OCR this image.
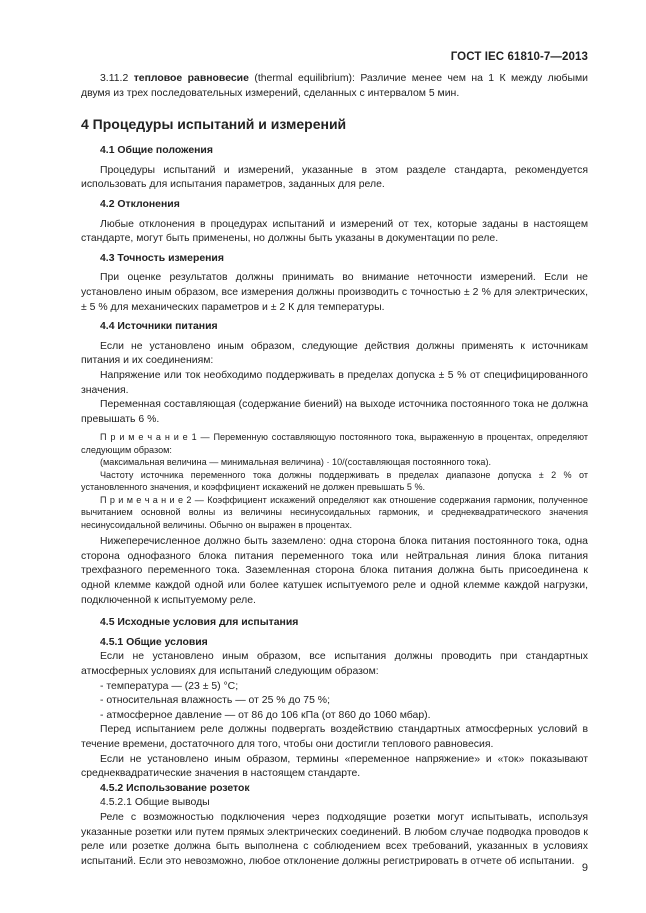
ГОСТ IEC 61810-7—2013

3.11.2 тепловое равновесие (thermal equilibrium): Различие менее чем на 1 К между любыми двумя из трех последовательных измерений, сделанных с интервалом 5 мин.

4 Процедуры испытаний и измерений
4.1 Общие положения

Процедуры испытаний и измерений, указанные в этом разделе стандарта, рекомендуется использовать для испытания параметров, заданных для реле.

4.2 Отклонения

Любые отклонения в процедурах испытаний и измерений от тех, которые заданы в настоящем стандарте, могут быть применены, но должны быть указаны в документации по реле.

4.3 Точность измерения

При оценке результатов должны принимать во внимание неточности измерений. Если не установлено иным образом, все измерения должны производить с точностью ± 2 % для электрических, ± 5 % для механических параметров и ± 2 К для температуры.

4.4 Источники питания

Если не установлено иным образом, следующие действия должны применять к источникам питания и их соединениям:

Напряжение или ток необходимо поддерживать в пределах допуска ± 5 % от специфицированного значения.

Переменная составляющая (содержание биений) на выходе источника постоянного тока не должна превышать 6 %.

П р и м е ч а н и е 1 — Переменную составляющую постоянного тока, выраженную в процентах, определяют следующим образом:

(максимальная величина — минимальная величина) · 10/(составляющая постоянного тока).

Частоту источника переменного тока должны поддерживать в пределах диапазоне допуска ± 2 % от установленного значения, и коэффициент искажений не должен превышать 5 %.

П р и м е ч а н и е 2 — Коэффициент искажений определяют как отношение содержания гармоник, полученное вычитанием основной волны из величины несинусоидальных гармоник, и среднеквадратического значения несинусоидальной величины. Обычно он выражен в процентах.

Нижеперечисленное должно быть заземлено: одна сторона блока питания постоянного тока, одна сторона однофазного блока питания переменного тока или нейтральная линия блока питания трехфазного переменного тока. Заземленная сторона блока питания должна быть присоединена к одной клемме каждой одной или более катушек испытуемого реле и одной клемме каждой нагрузки, подключенной к испытуемому реле.

4.5 Исходные условия для испытания
4.5.1 Общие условия

Если не установлено иным образом, все испытания должны проводить при стандартных атмосферных условиях для испытаний следующим образом:

- температура — (23 ± 5) °С;

- относительная влажность — от 25 % до 75 %;

- атмосферное давление — от 86 до 106 кПа (от 860 до 1060 мбар).

Перед испытанием реле должны подвергать воздействию стандартных атмосферных условий в течение времени, достаточного для того, чтобы они достигли теплового равновесия.

Если не установлено иным образом, термины «переменное напряжение» и «ток» показывают среднеквадратические значения в настоящем стандарте.

4.5.2 Использование розеток
4.5.2.1 Общие выводы

Реле с возможностью подключения через подходящие розетки могут испытывать, используя указанные розетки или путем прямых электрических соединений. В любом случае подводка проводов к реле или розетке должна быть выполнена с соблюдением всех требований, указанных в условиях испытаний. Если это невозможно, любое отклонение должны регистрировать в отчете об испытании.

9
